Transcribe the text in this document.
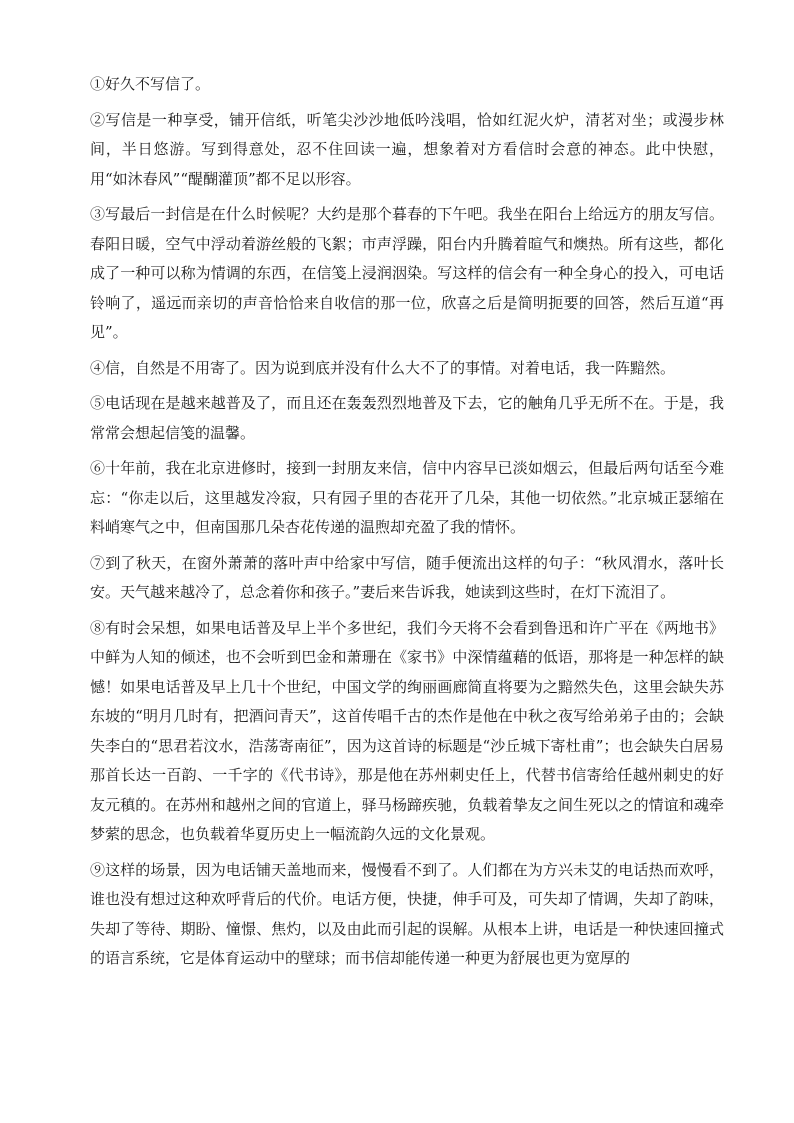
①好久不写信了。

②写信是一种享受，铺开信纸，听笔尖沙沙地低吟浅唱，恰如红泥火炉，清茗对坐；或漫步林间，半日悠游。写到得意处，忍不住回读一遍，想象着对方看信时会意的神态。此中快慰，用“如沐春风”“醍醐灌顶”都不足以形容。

③写最后一封信是在什么时候呢？大约是那个暮春的下午吧。我坐在阳台上给远方的朋友写信。春阳日暖，空气中浮动着游丝般的飞絮；市声浮躁，阳台内升腾着暄气和燠热。所有这些，都化成了一种可以称为情调的东西，在信笺上浸润洇染。写这样的信会有一种全身心的投入，可电话铃响了，遥远而亲切的声音恰恰来自收信的那一位，欣喜之后是简明扼要的回答，然后互道“再见”。

④信，自然是不用寄了。因为说到底并没有什么大不了的事情。对着电话，我一阵黯然。

⑤电话现在是越来越普及了，而且还在轰轰烈烈地普及下去，它的触角几乎无所不在。于是，我常常会想起信笺的温馨。

⑥十年前，我在北京进修时，接到一封朋友来信，信中内容早已淡如烟云，但最后两句话至今难忘：“你走以后，这里越发冷寂，只有园子里的杏花开了几朵，其他一切依然。”北京城正瑟缩在料峭寒气之中，但南国那几朵杏花传递的温煦却充盈了我的情怀。

⑦到了秋天，在窗外萧萧的落叶声中给家中写信，随手便流出这样的句子：“秋风渭水，落叶长安。天气越来越冷了，总念着你和孩子。”妻后来告诉我，她读到这些时，在灯下流泪了。

⑧有时会呆想，如果电话普及早上半个多世纪，我们今天将不会看到鲁迅和许广平在《两地书》中鲜为人知的倾述，也不会听到巴金和萧珊在《家书》中深情蕴藉的低语，那将是一种怎样的缺憾！如果电话普及早上几十个世纪，中国文学的绚丽画廊简直将要为之黯然失色，这里会缺失苏东坡的“明月几时有，把酒问青天”，这首传唱千古的杰作是他在中秋之夜写给弟弟子由的；会缺失李白的“思君若汶水，浩荡寄南征”，因为这首诗的标题是“沙丘城下寄杜甫”；也会缺失白居易那首长达一百韵、一千字的《代书诗》，那是他在苏州刺史任上，代替书信寄给任越州刺史的好友元稹的。在苏州和越州之间的官道上，驿马杨蹄疾驰，负载着挚友之间生死以之的情谊和魂牵梦萦的思念，也负载着华夏历史上一幅流韵久远的文化景观。

⑨这样的场景，因为电话铺天盖地而来，慢慢看不到了。人们都在为方兴未艾的电话热而欢呼，谁也没有想过这种欢呼背后的代价。电话方便，快捷，伸手可及，可失却了情调，失却了韵味，失却了等待、期盼、憧憬、焦灼，以及由此而引起的误解。从根本上讲，电话是一种快速回撞式的语言系统，它是体育运动中的壁球；而书信却能传递一种更为舒展也更为宽厚的
